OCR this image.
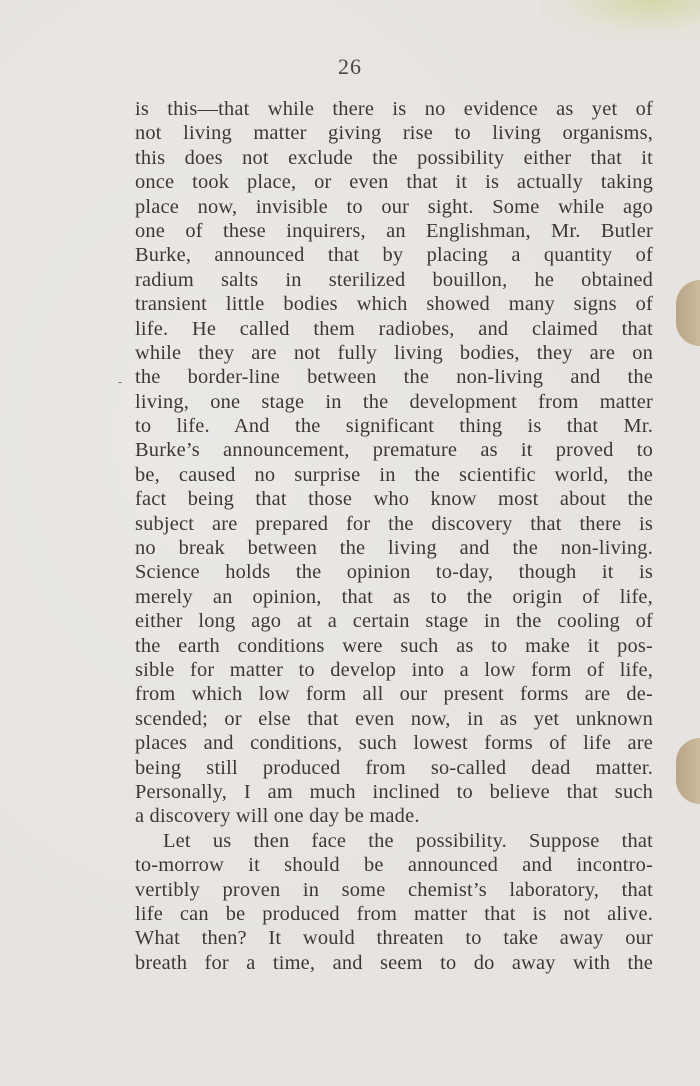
26
is this—that while there is no evidence as yet of
not living matter giving rise to living organisms,
this does not exclude the possibility either that it
once took place, or even that it is actually taking
place now, invisible to our sight. Some while ago
one of these inquirers, an Englishman, Mr. Butler
Burke, announced that by placing a quantity of
radium salts in sterilized bouillon, he obtained
transient little bodies which showed many signs of
life. He called them radiobes, and claimed that
while they are not fully living bodies, they are on
the border-line between the non-living and the
living, one stage in the development from matter
to life. And the significant thing is that Mr.
Burke’s announcement, premature as it proved to
be, caused no surprise in the scientific world, the
fact being that those who know most about the
subject are prepared for the discovery that there is
no break between the living and the non-living.
Science holds the opinion to-day, though it is
merely an opinion, that as to the origin of life,
either long ago at a certain stage in the cooling of
the earth conditions were such as to make it pos-
sible for matter to develop into a low form of life,
from which low form all our present forms are de-
scended; or else that even now, in as yet unknown
places and conditions, such lowest forms of life are
being still produced from so-called dead matter.
Personally, I am much inclined to believe that such
a discovery will one day be made.
Let us then face the possibility. Suppose that
to-morrow it should be announced and incontro-
vertibly proven in some chemist’s laboratory, that
life can be produced from matter that is not alive.
What then? It would threaten to take away our
breath for a time, and seem to do away with the
